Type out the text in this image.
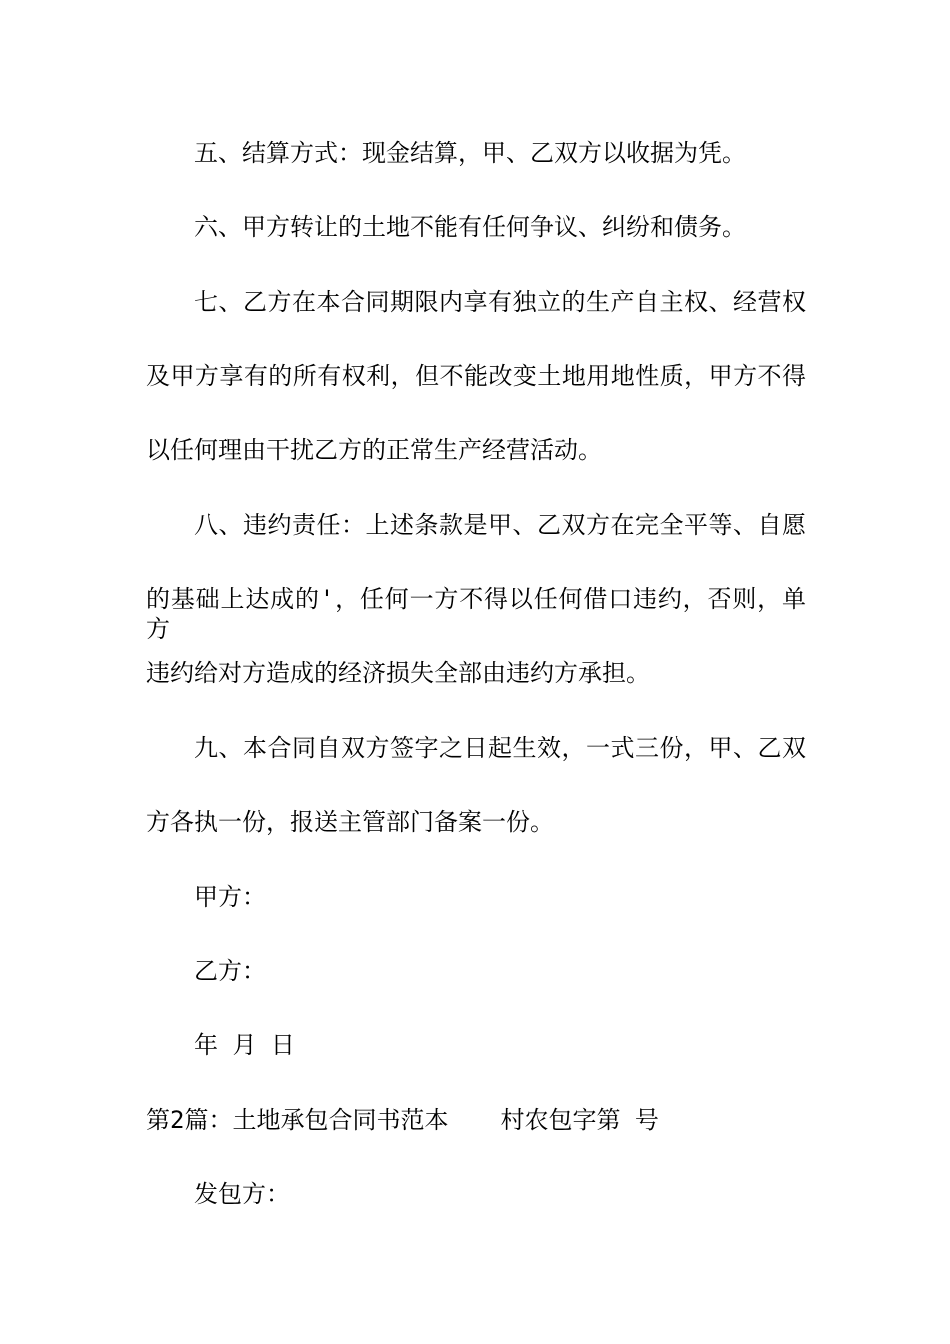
五、结算方式：现金结算，甲、乙双方以收据为凭。
六、甲方转让的土地不能有任何争议、纠纷和债务。
七、乙方在本合同期限内享有独立的生产自主权、经营权
及甲方享有的所有权利，但不能改变土地用地性质，甲方不得
以任何理由干扰乙方的正常生产经营活动。
八、违约责任：上述条款是甲、乙双方在完全平等、自愿
的基础上达成的'，任何一方不得以任何借口违约，否则，单方
违约给对方造成的经济损失全部由违约方承担。
九、本合同自双方签字之日起生效，一式三份，甲、乙双
方各执一份，报送主管部门备案一份。
甲方：
乙方：
年 月 日
第2篇：土地承包合同书范本 村农包字第 号
发包方：
